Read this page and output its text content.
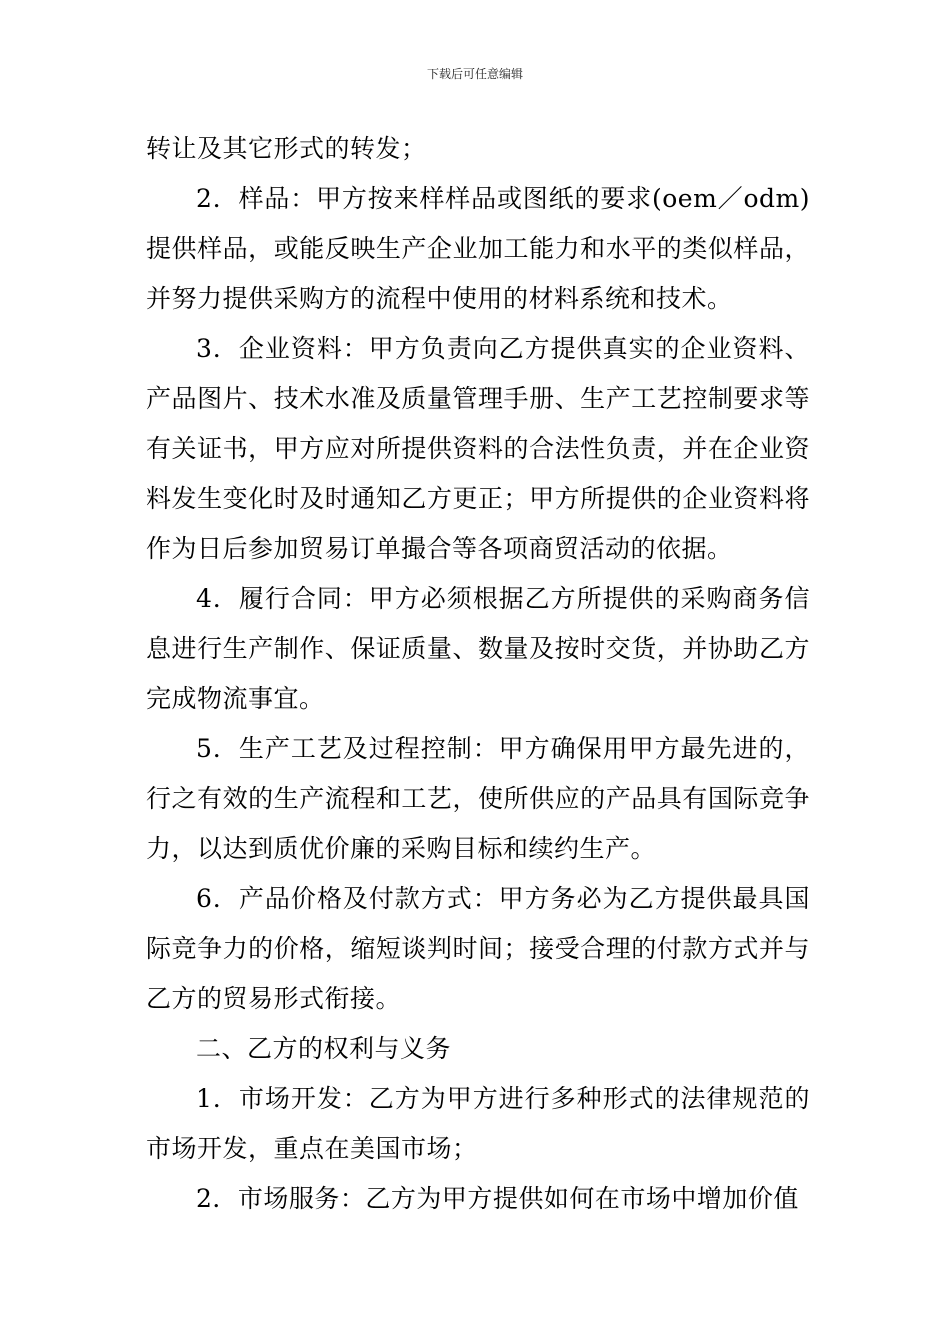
下载后可任意编辑

转让及其它形式的转发；

2．样品：甲方按来样样品或图纸的要求(oem／odm)提供样品，或能反映生产企业加工能力和水平的类似样品，并努力提供采购方的流程中使用的材料系统和技术。

3．企业资料：甲方负责向乙方提供真实的企业资料、产品图片、技术水准及质量管理手册、生产工艺控制要求等有关证书，甲方应对所提供资料的合法性负责，并在企业资料发生变化时及时通知乙方更正；甲方所提供的企业资料将作为日后参加贸易订单撮合等各项商贸活动的依据。

4．履行合同：甲方必须根据乙方所提供的采购商务信息进行生产制作、保证质量、数量及按时交货，并协助乙方完成物流事宜。

5．生产工艺及过程控制：甲方确保用甲方最先进的，行之有效的生产流程和工艺，使所供应的产品具有国际竞争力，以达到质优价廉的采购目标和续约生产。

6．产品价格及付款方式：甲方务必为乙方提供最具国际竞争力的价格，缩短谈判时间；接受合理的付款方式并与乙方的贸易形式衔接。

二、乙方的权利与义务

1．市场开发：乙方为甲方进行多种形式的法律规范的市场开发，重点在美国市场；

2．市场服务：乙方为甲方提供如何在市场中增加价值
